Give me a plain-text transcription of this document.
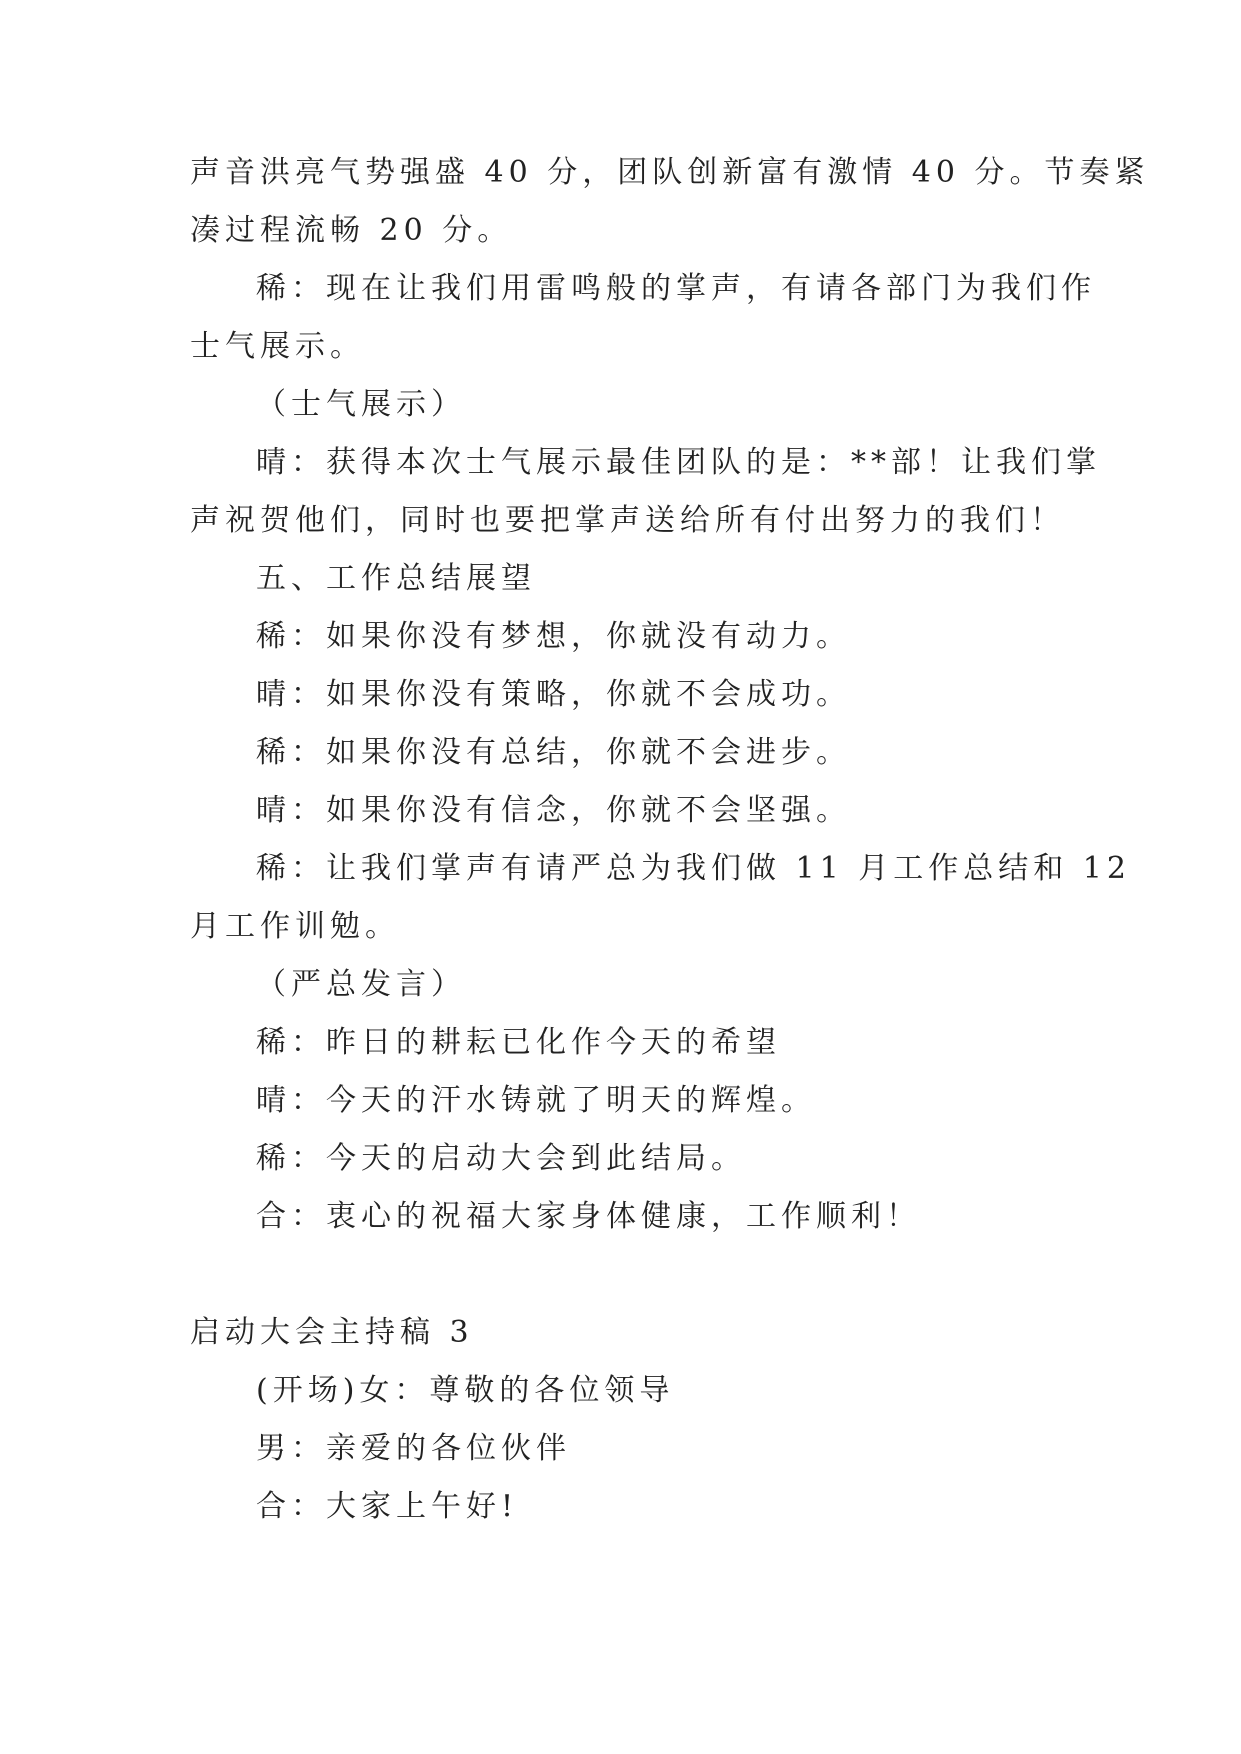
声音洪亮气势强盛 40 分，团队创新富有激情 40 分。节奏紧
凑过程流畅 20 分。
稀：现在让我们用雷鸣般的掌声，有请各部门为我们作
士气展示。
（士气展示）
晴：获得本次士气展示最佳团队的是：**部！让我们掌
声祝贺他们，同时也要把掌声送给所有付出努力的我们！
五、工作总结展望
稀：如果你没有梦想，你就没有动力。
晴：如果你没有策略，你就不会成功。
稀：如果你没有总结，你就不会进步。
晴：如果你没有信念，你就不会坚强。
稀：让我们掌声有请严总为我们做 11 月工作总结和 12
月工作训勉。
（严总发言）
稀：昨日的耕耘已化作今天的希望
晴：今天的汗水铸就了明天的辉煌。
稀：今天的启动大会到此结局。
合：衷心的祝福大家身体健康，工作顺利！
启动大会主持稿 3
(开场)女：尊敬的各位领导
男：亲爱的各位伙伴
合：大家上午好!
